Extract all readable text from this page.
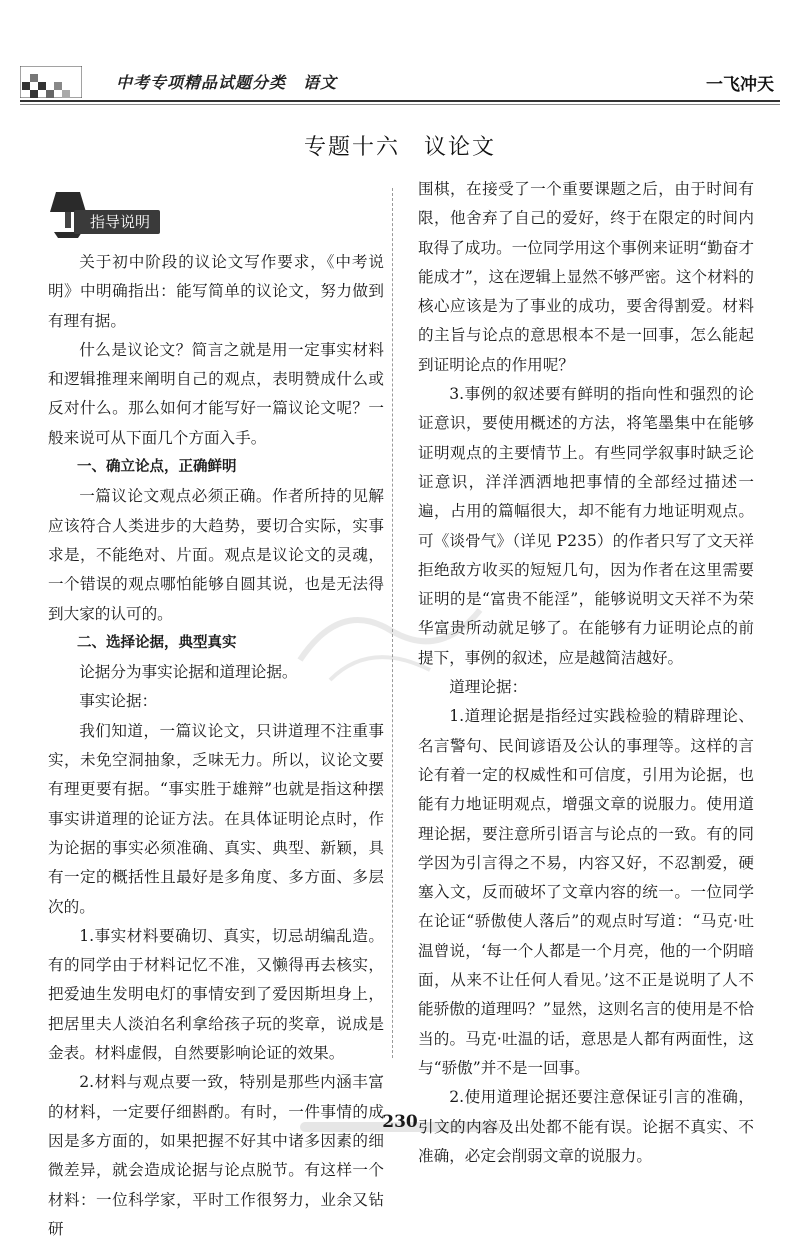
中考专项精品试题分类　语文	一飞冲天
专题十六　议论文
指导说明

关于初中阶段的议论文写作要求，《中考说明》中明确指出：能写简单的议论文，努力做到有理有据。

什么是议论文？简言之就是用一定事实材料和逻辑推理来阐明自己的观点，表明赞成什么或反对什么。那么如何才能写好一篇议论文呢？一般来说可从下面几个方面入手。

一、确立论点，正确鲜明

一篇议论文观点必须正确。作者所持的见解应该符合人类进步的大趋势，要切合实际，实事求是，不能绝对、片面。观点是议论文的灵魂，一个错误的观点哪怕能够自圆其说，也是无法得到大家的认可的。

二、选择论据，典型真实

论据分为事实论据和道理论据。

事实论据：

我们知道，一篇议论文，只讲道理不注重事实，未免空洞抽象，乏味无力。所以，议论文要有理更要有据。“事实胜于雄辩”也就是指这种摆事实讲道理的论证方法。在具体证明论点时，作为论据的事实必须准确、真实、典型、新颖，具有一定的概括性且最好是多角度、多方面、多层次的。

1.事实材料要确切、真实，切忌胡编乱造。有的同学由于材料记忆不准，又懒得再去核实，把爱迪生发明电灯的事情安到了爱因斯坦身上，把居里夫人淡泊名利拿给孩子玩的奖章，说成是金表。材料虚假，自然要影响论证的效果。

2.材料与观点要一致，特别是那些内涵丰富的材料，一定要仔细斟酌。有时，一件事情的成因是多方面的，如果把握不好其中诸多因素的细微差异，就会造成论据与论点脱节。有这样一个材料：一位科学家，平时工作很努力，业余又钻研

围棋，在接受了一个重要课题之后，由于时间有限，他舍弃了自己的爱好，终于在限定的时间内取得了成功。一位同学用这个事例来证明“勤奋才能成才”，这在逻辑上显然不够严密。这个材料的核心应该是为了事业的成功，要舍得割爱。材料的主旨与论点的意思根本不是一回事，怎么能起到证明论点的作用呢？

3.事例的叙述要有鲜明的指向性和强烈的论证意识，要使用概述的方法，将笔墨集中在能够证明观点的主要情节上。有些同学叙事时缺乏论证意识，洋洋洒洒地把事情的全部经过描述一遍，占用的篇幅很大，却不能有力地证明观点。可《谈骨气》（详见 P235）的作者只写了文天祥拒绝敌方收买的短短几句，因为作者在这里需要证明的是“富贵不能淫”，能够说明文天祥不为荣华富贵所动就足够了。在能够有力证明论点的前提下，事例的叙述，应是越简洁越好。

道理论据：

1.道理论据是指经过实践检验的精辟理论、名言警句、民间谚语及公认的事理等。这样的言论有着一定的权威性和可信度，引用为论据，也能有力地证明观点，增强文章的说服力。使用道理论据，要注意所引语言与论点的一致。有的同学因为引言得之不易，内容又好，不忍割爱，硬塞入文，反而破坏了文章内容的统一。一位同学在论证“骄傲使人落后”的观点时写道：“马克·吐温曾说，‘每一个人都是一个月亮，他的一个阴暗面，从来不让任何人看见。’这不正是说明了人不能骄傲的道理吗？”显然，这则名言的使用是不恰当的。马克·吐温的话，意思是人都有两面性，这与“骄傲”并不是一回事。

2.使用道理论据还要注意保证引言的准确，引文的内容及出处都不能有误。论据不真实、不准确，必定会削弱文章的说服力。

230
